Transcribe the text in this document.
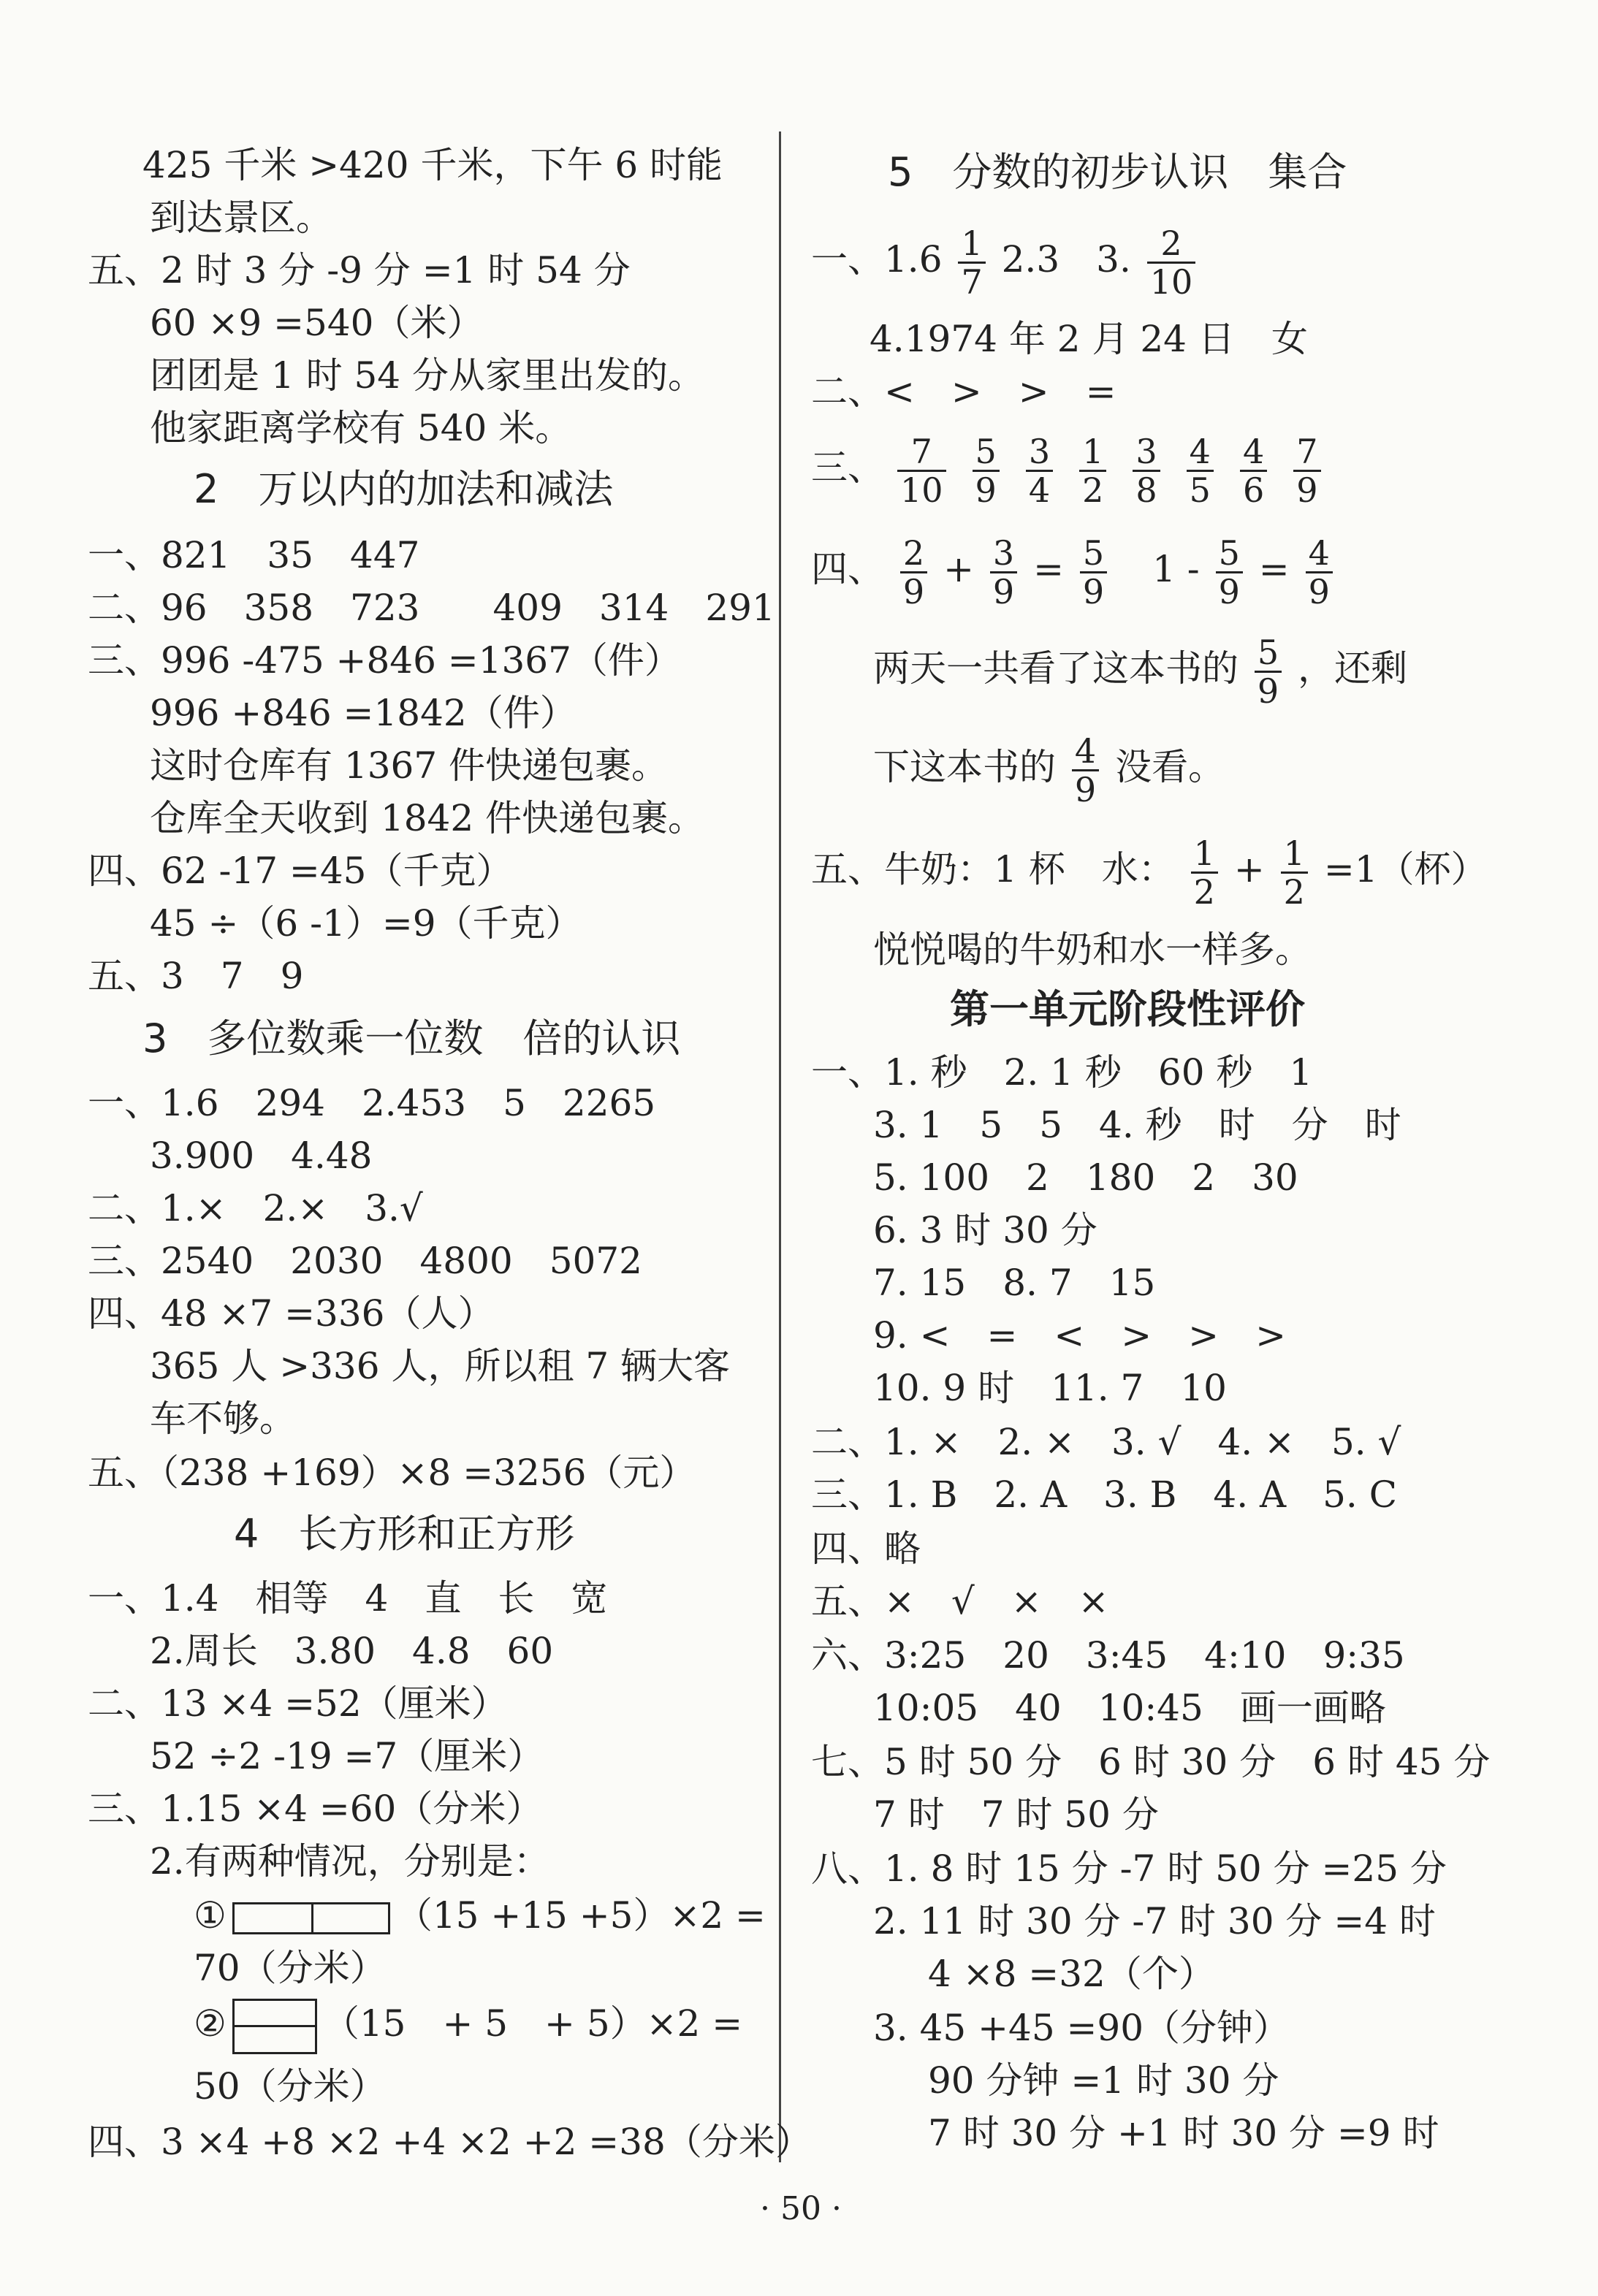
425 千米 >420 千米，下午 6 时能
到达景区。
五、2 时 3 分 -9 分 =1 时 54 分
60 ×9 =540（米）
团团是 1 时 54 分从家里出发的。
他家距离学校有 540 米。
2　万以内的加法和减法
一、821　35　447
二、96　358　723　　409　314　291
三、996 -475 +846 =1367（件）
996 +846 =1842（件）
这时仓库有 1367 件快递包裹。
仓库全天收到 1842 件快递包裹。
四、62 -17 =45（千克）
45 ÷（6 -1）=9（千克）
五、3　7　9
3　多位数乘一位数　倍的认识
一、1.6　294　2.453　5　2265
3.900　4.48
二、1.×　2.×　3.√
三、2540　2030　4800　5072
四、48 ×7 =336（人）
365 人 >336 人，所以租 7 辆大客
车不够。
五、（238 +169）×8 =3256（元）
4　长方形和正方形
一、1.4　相等　4　直　长　宽
2.周长　3.80　4.8　60
二、13 ×4 =52（厘米）
52 ÷2 -19 =7（厘米）
三、1.15 ×4 =60（分米）
2.有两种情况，分别是：
①	（15 +15 +5）×2 =
70（分米）
②	（15　+ 5　+ 5）×2 =
50（分米）
四、3 ×4 +8 ×2 +4 ×2 +2 =38（分米）
5　分数的初步认识　集合
一、$1.6 \frac{1}{7} 2.3$　3. $\frac{2}{10}$
4.1974 年 2 月 24 日　女
二、<　>　>　=
三、 $\frac{7}{10} \frac{5}{9} \frac{3}{4} \frac{1}{2} \frac{3}{8} \frac{4}{5} \frac{4}{6} \frac{7}{9}$
四、 $\frac{2}{9} + \frac{3}{9} = \frac{5}{9} 1 - \frac{5}{9} = \frac{4}{9}$
两天一共看了这本书的 $\frac{5}{9}$ ，还剩
下这本书的 $\frac{4}{9}$ 没看。
五、牛奶：1 杯　水： $\frac{1}{2} + \frac{1}{2} =1$（杯）
悦悦喝的牛奶和水一样多。
第一单元阶段性评价
一、1. 秒　2. 1 秒　60 秒　1
3. 1　5　5　4. 秒　时　分　时
5. 100　2　180　2　30
6. 3 时 30 分
7. 15　8. 7　15
9. <　=　<　>　>　>
10. 9 时　11. 7　10
二、1. ×　2. ×　3. √　4. ×　5. √
三、1. B　2. A　3. B　4. A　5. C
四、略
五、×　√　×　×
六、3:25　20　3:45　4:10　9:35
10:05　40　10:45　画一画略
七、5 时 50 分　6 时 30 分　6 时 45 分
7 时　7 时 50 分
八、1. 8 时 15 分 -7 时 50 分 =25 分
2. 11 时 30 分 -7 时 30 分 =4 时
4 ×8 =32（个）
3. 45 +45 =90（分钟）
90 分钟 =1 时 30 分
7 时 30 分 +1 时 30 分 =9 时
· 50 ·
